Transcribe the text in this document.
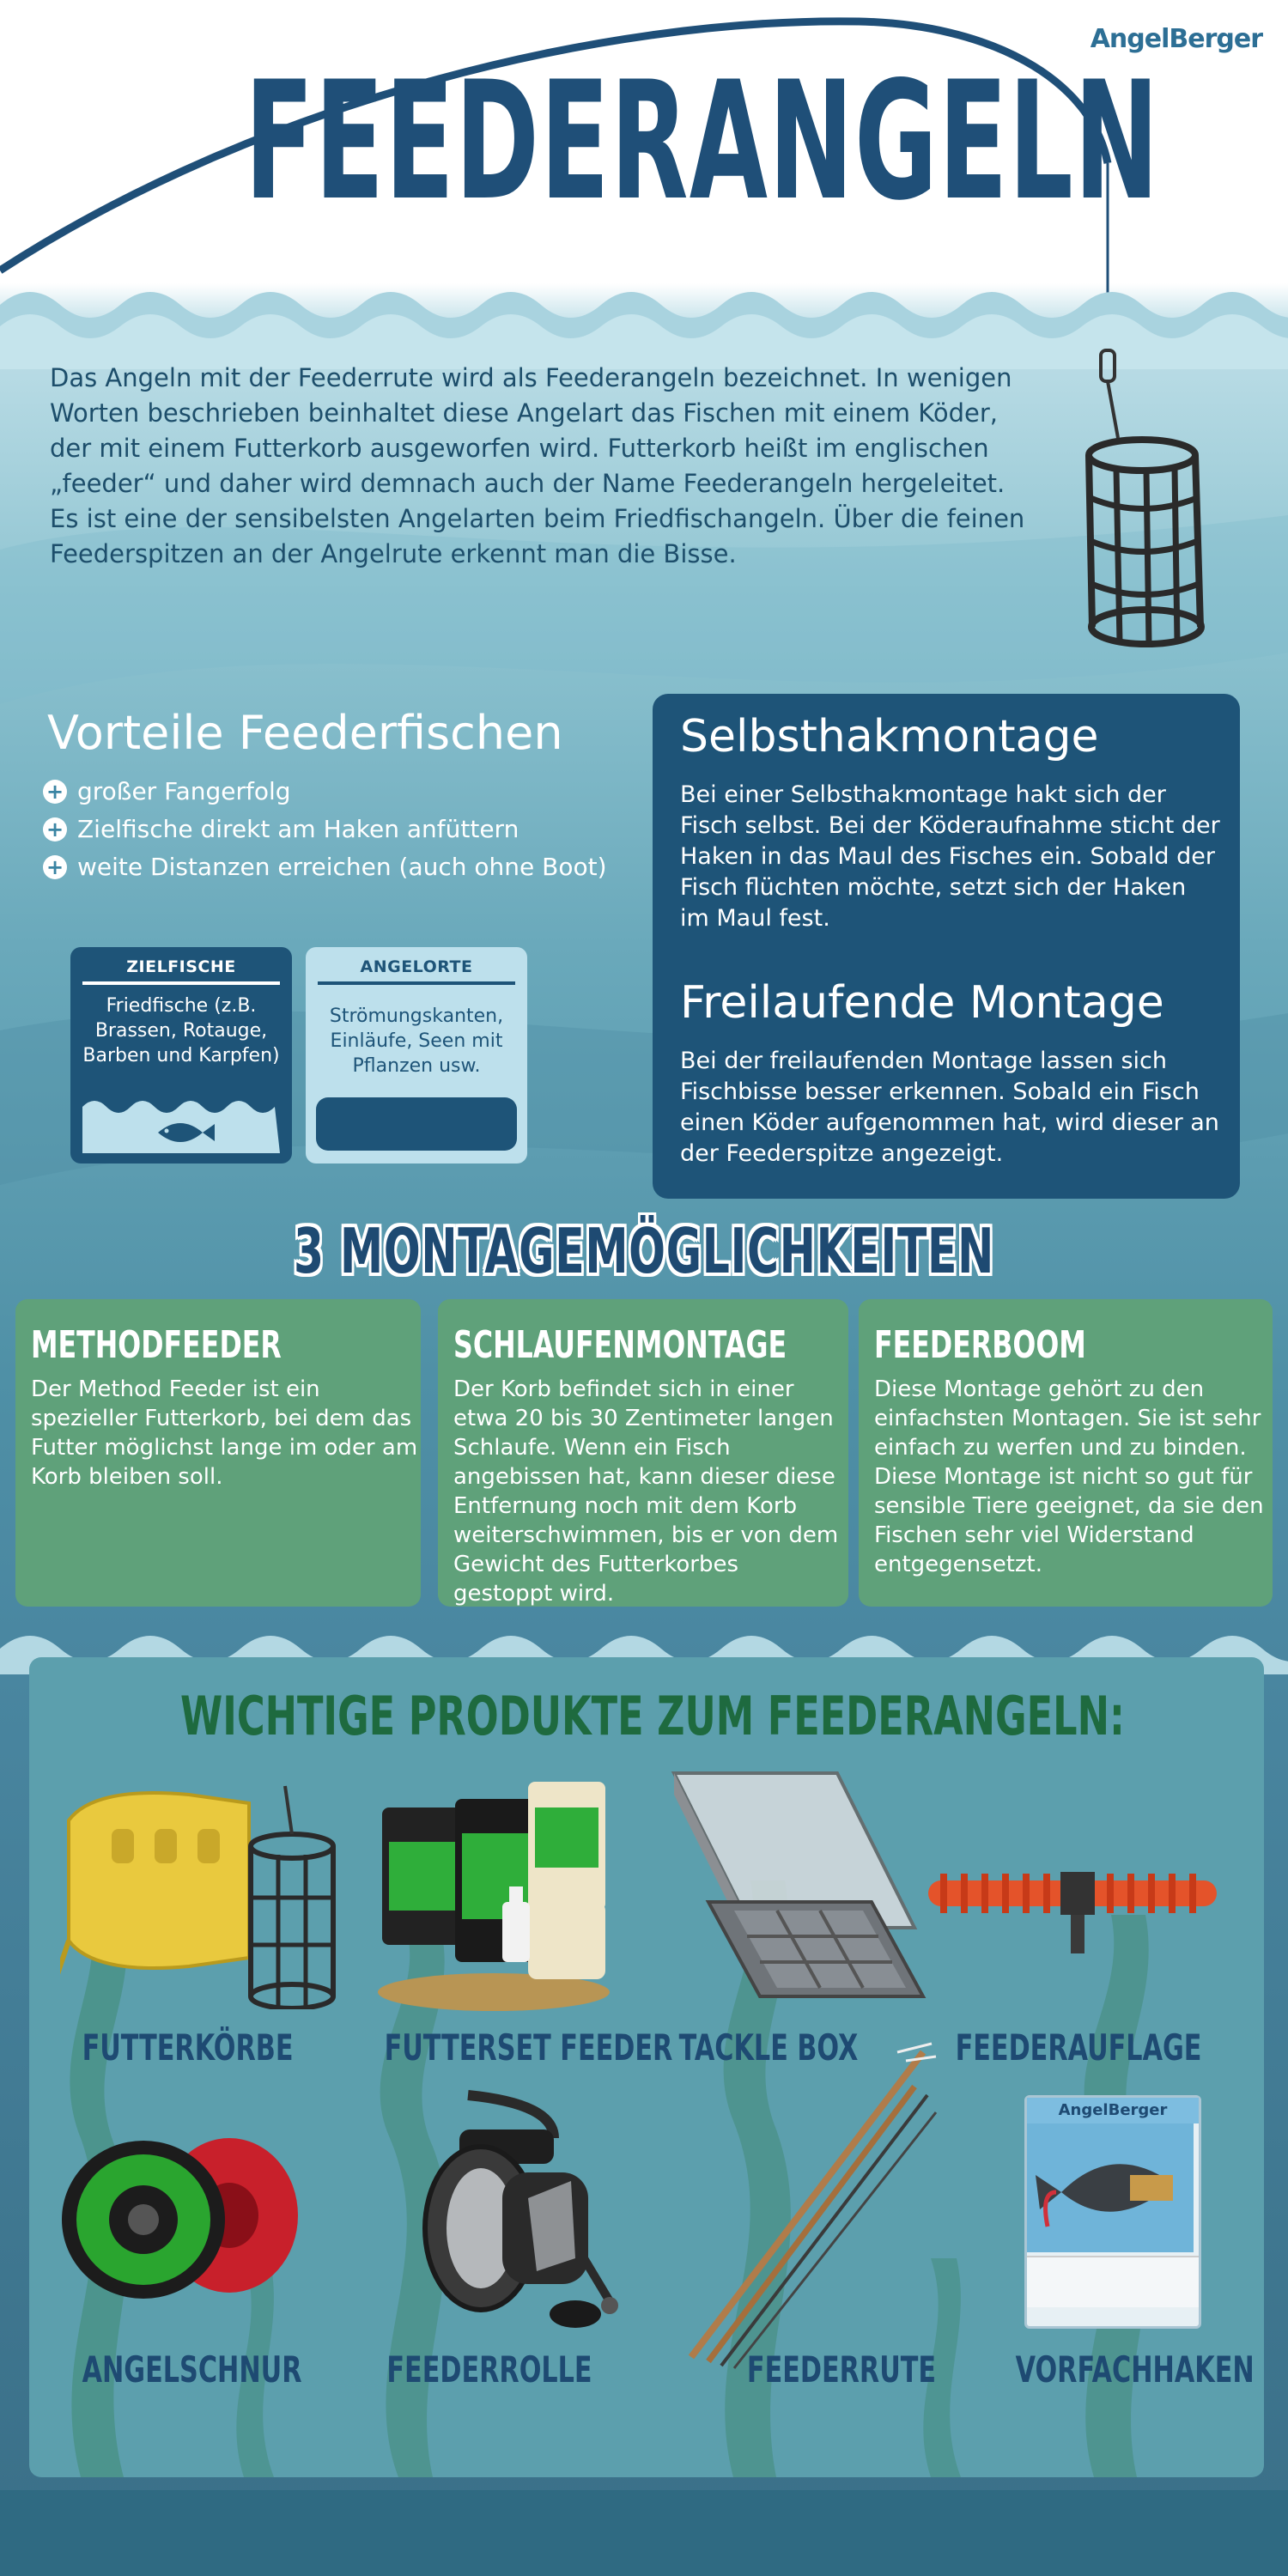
AngelBerger
FEEDERANGELN
Das Angeln mit der Feederrute wird als Feederangeln bezeichnet. In wenigen Worten beschrieben beinhaltet diese Angelart das Fischen mit einem Köder, der mit einem Futterkorb ausgeworfen wird. Futterkorb heißt im englischen „feeder“ und daher wird demnach auch der Name Feederangeln hergeleitet. Es ist eine der sensibelsten Angelarten beim Friedfischangeln. Über die feinen Feederspitzen an der Angelrute erkennt man die Bisse.
Vorteile Feederfischen
+ großer Fangerfolg
+ Zielfische direkt am Haken anfüttern
+ weite Distanzen erreichen (auch ohne Boot)
ZIELFISCHE
Friedfische (z.B. Brassen, Rotauge, Barben und Karpfen)
ANGELORTE
Strömungskanten, Einläufe, Seen mit Pflanzen usw.
Selbsthakmontage
Bei einer Selbsthakmontage hakt sich der Fisch selbst. Bei der Köderaufnahme sticht der Haken in das Maul des Fisches ein. Sobald der Fisch flüchten möchte, setzt sich der Haken im Maul fest.
Freilaufende Montage
Bei der freilaufenden Montage lassen sich Fischbisse besser erkennen. Sobald ein Fisch einen Köder aufgenommen hat, wird dieser an der Feederspitze angezeigt.
3 MONTAGEMÖGLICHKEITEN
METHODFEEDER
Der Method Feeder ist ein spezieller Futterkorb, bei dem das Futter möglichst lange im oder am Korb bleiben soll.
SCHLAUFENMONTAGE
Der Korb befindet sich in einer etwa 20 bis 30 Zentimeter langen Schlaufe. Wenn ein Fisch angebissen hat, kann dieser diese Entfernung noch mit dem Korb weiterschwimmen, bis er von dem Gewicht des Futterkorbes gestoppt wird.
FEEDERBOOM
Diese Montage gehört zu den einfachsten Montagen. Sie ist sehr einfach zu werfen und zu binden. Diese Montage ist nicht so gut für sensible Tiere geeignet, da sie den Fischen sehr viel Widerstand entgegensetzt.
WICHTIGE PRODUKTE ZUM FEEDERANGELN:
FUTTERKÖRBE	FUTTERSET FEEDER TACKLE BOX	FEEDERAUFLAGE
ANGELSCHNUR FEEDERROLLE	FEEDERRUTE
AngelBerger
VORFACHHAKEN
